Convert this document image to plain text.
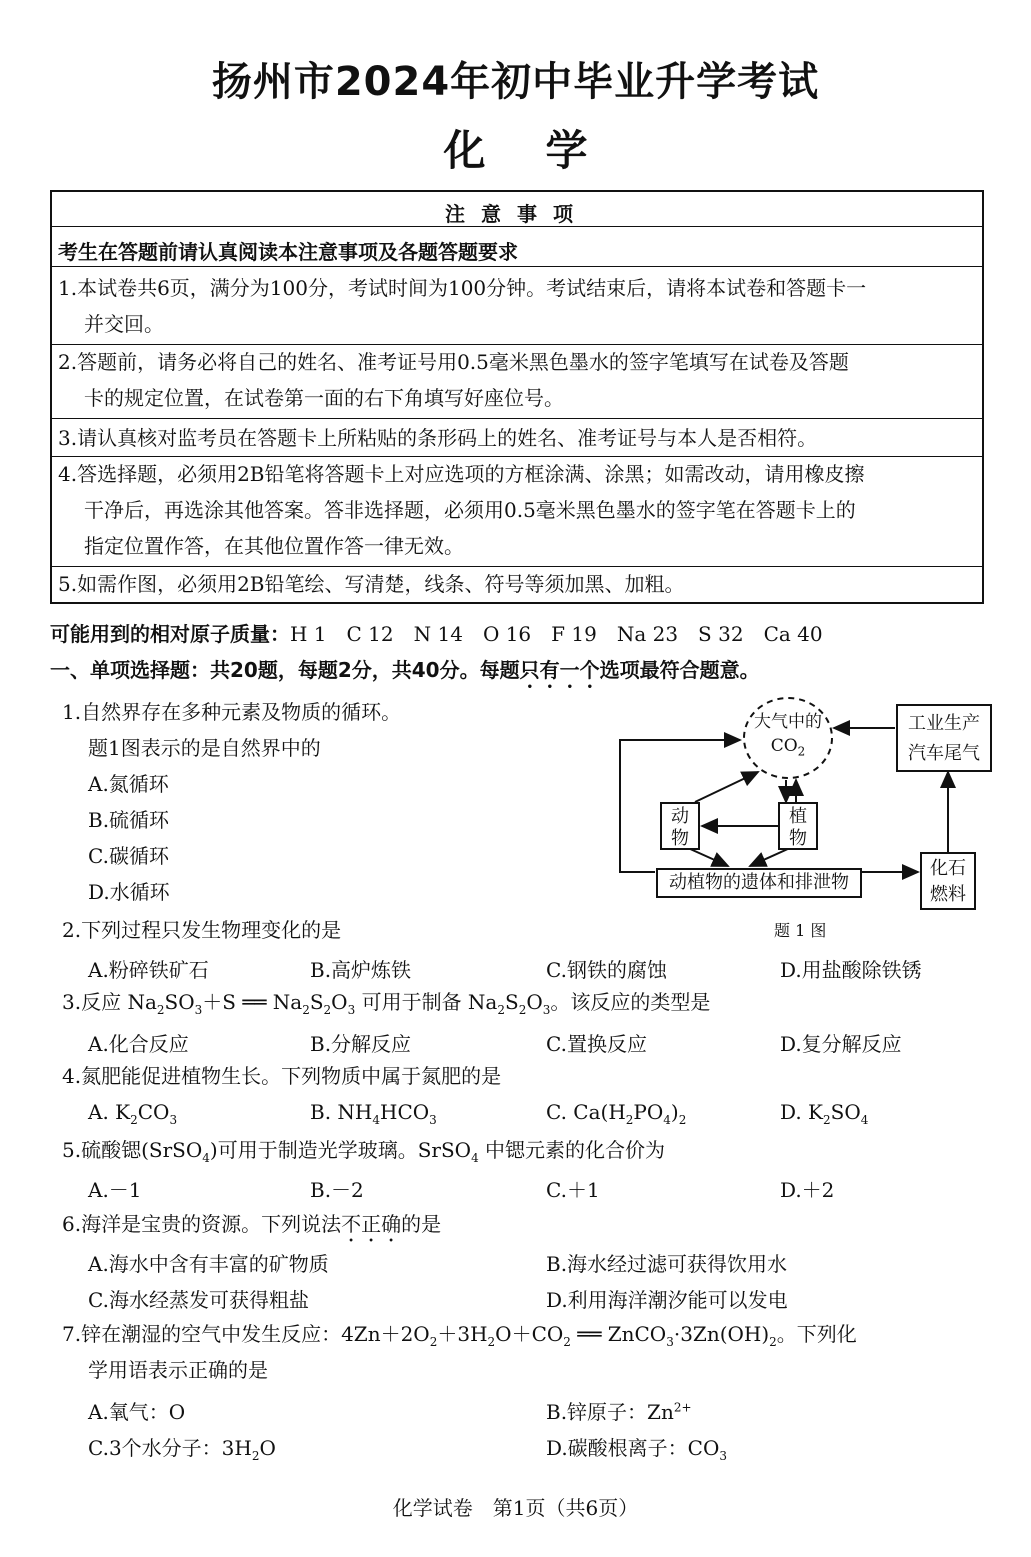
扬州市2024年初中毕业升学考试
化学
注意事项
考生在答题前请认真阅读本注意事项及各题答题要求
1.本试卷共6页，满分为100分，考试时间为100分钟。考试结束后，请将本试卷和答题卡一
并交回。
2.答题前，请务必将自己的姓名、准考证号用0.5毫米黑色墨水的签字笔填写在试卷及答题
卡的规定位置，在试卷第一面的右下角填写好座位号。
3.请认真核对监考员在答题卡上所粘贴的条形码上的姓名、准考证号与本人是否相符。
4.答选择题，必须用2B铅笔将答题卡上对应选项的方框涂满、涂黑；如需改动，请用橡皮擦
干净后，再选涂其他答案。答非选择题，必须用0.5毫米黑色墨水的签字笔在答题卡上的
指定位置作答，在其他位置作答一律无效。
5.如需作图，必须用2B铅笔绘、写清楚，线条、符号等须加黑、加粗。
可能用到的相对原子质量：H 1　C 12　N 14　O 16　F 19　Na 23　S 32　Ca 40
一、单项选择题：共20题，每题2分，共40分。每题只有一个选项最符合题意。
1.自然界存在多种元素及物质的循环。
题1图表示的是自然界中的
A.氮循环
B.硫循环
C.碳循环
D.水循环
大气中的
$CO_2$
工业生产
汽车尾气
动
物
植
物
动植物的遗体和排泄物
化石
燃料
题 1 图
2.下列过程只发生物理变化的是
A.粉碎铁矿石	B.高炉炼铁	C.钢铁的腐蚀	D.用盐酸除铁锈
3.反应 $Na_2SO_3+S$ ══ $Na_2S_2O_3$ 可用于制备 $Na_2S_2O_3$。该反应的类型是
A.化合反应	B.分解反应	C.置换反应	D.复分解反应
4.氮肥能促进植物生长。下列物质中属于氮肥的是
A. $K_2CO_3$	B. $NH_4HCO_3$	C. $Ca(H_2PO_4)_2$	D. $K_2SO_4$
5.硫酸锶(SrSO$_4$)可用于制造光学玻璃。SrSO$_4$ 中锶元素的化合价为
A.－1	B.－2	C.＋1	D.＋2
6.海洋是宝贵的资源。下列说法不正确的是
A.海水中含有丰富的矿物质	B.海水经过滤可获得饮用水
C.海水经蒸发可获得粗盐	D.利用海洋潮汐能可以发电
7.锌在潮湿的空气中发生反应：$4Zn+2O_2+3H_2O+CO_2$ ══ $ZnCO_3\cdot 3Zn(OH)_2$。下列化
学用语表示正确的是
A.氧气：O	B.锌原子：$Zn^{2+}$
C.3个水分子：$3H_2O$	D.碳酸根离子：$CO_3$
化学试卷　第1页（共6页）
